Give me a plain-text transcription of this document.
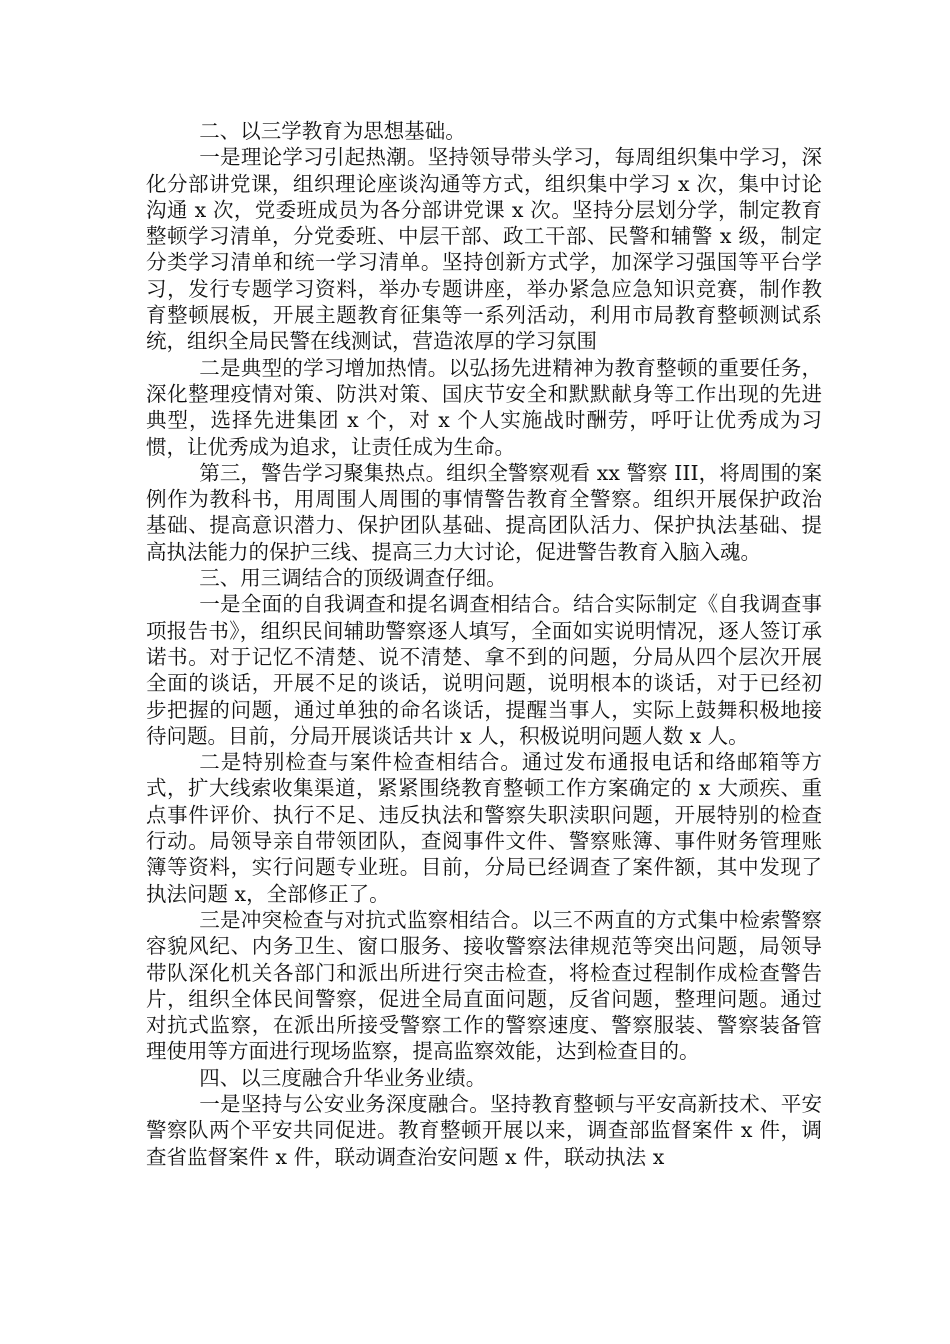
二、以三学教育为思想基础。

一是理论学习引起热潮。坚持领导带头学习，每周组织集中学习，深化分部讲党课，组织理论座谈沟通等方式，组织集中学习 x 次，集中讨论沟通 x 次，党委班成员为各分部讲党课 x 次。坚持分层划分学，制定教育整顿学习清单，分党委班、中层干部、政工干部、民警和辅警 x 级，制定分类学习清单和统一学习清单。坚持创新方式学，加深学习强国等平台学习，发行专题学习资料，举办专题讲座，举办紧急应急知识竞赛，制作教育整顿展板，开展主题教育征集等一系列活动，利用市局教育整顿测试系统，组织全局民警在线测试，营造浓厚的学习氛围

二是典型的学习增加热情。以弘扬先进精神为教育整顿的重要任务，深化整理疫情对策、防洪对策、国庆节安全和默默献身等工作出现的先进典型，选择先进集团 x 个，对 x 个人实施战时酬劳，呼吁让优秀成为习惯，让优秀成为追求，让责任成为生命。

第三，警告学习聚集热点。组织全警察观看 xx 警察 III，将周围的案例作为教科书，用周围人周围的事情警告教育全警察。组织开展保护政治基础、提高意识潜力、保护团队基础、提高团队活力、保护执法基础、提高执法能力的保护三线、提高三力大讨论，促进警告教育入脑入魂。

三、用三调结合的顶级调查仔细。

一是全面的自我调查和提名调查相结合。结合实际制定《自我调查事项报告书》，组织民间辅助警察逐人填写，全面如实说明情况，逐人签订承诺书。对于记忆不清楚、说不清楚、拿不到的问题，分局从四个层次开展全面的谈话，开展不足的谈话，说明问题，说明根本的谈话，对于已经初步把握的问题，通过单独的命名谈话，提醒当事人，实际上鼓舞积极地接待问题。目前，分局开展谈话共计 x 人，积极说明问题人数 x 人。

二是特别检查与案件检查相结合。通过发布通报电话和络邮箱等方式，扩大线索收集渠道，紧紧围绕教育整顿工作方案确定的 x 大顽疾、重点事件评价、执行不足、违反执法和警察失职渎职问题，开展特别的检查行动。局领导亲自带领团队，查阅事件文件、警察账簿、事件财务管理账簿等资料，实行问题专业班。目前，分局已经调查了案件额，其中发现了执法问题 x，全部修正了。

三是冲突检查与对抗式监察相结合。以三不两直的方式集中检索警察容貌风纪、内务卫生、窗口服务、接收警察法律规范等突出问题，局领导带队深化机关各部门和派出所进行突击检查，将检查过程制作成检查警告片，组织全体民间警察，促进全局直面问题，反省问题，整理问题。通过对抗式监察，在派出所接受警察工作的警察速度、警察服装、警察装备管理使用等方面进行现场监察，提高监察效能，达到检查目的。

四、以三度融合升华业务业绩。

一是坚持与公安业务深度融合。坚持教育整顿与平安高新技术、平安警察队两个平安共同促进。教育整顿开展以来，调查部监督案件 x 件，调查省监督案件 x 件，联动调查治安问题 x 件，联动执法 x
